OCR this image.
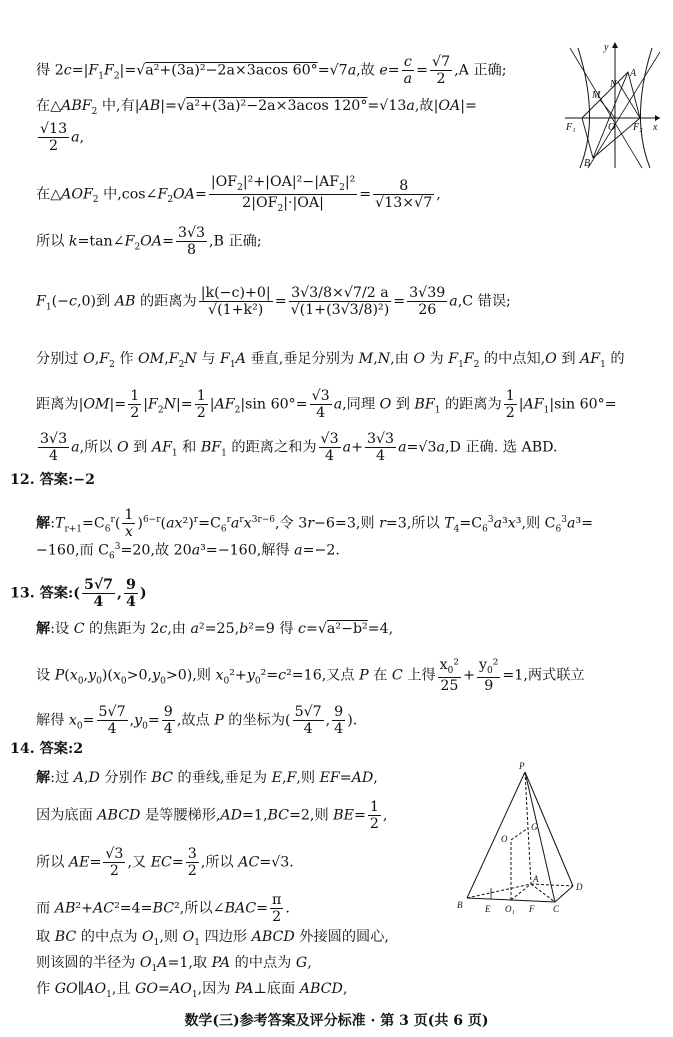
得 $2c=|F_1F_2|=√a^2+(3a)^2-2a\times 3acos$ 60°=√7a,故 $e= \frac{c}{a} = \frac{√7}{2} ,A$ 正确;
在$\triangle ABF_2$ 中,有|AB|=√a²+(3a)²−2a×3acos 120°=√13a,故|OA|=
$\frac{√13}{2} a$,
在$\triangle AOF_2$ 中$,\cos\angle F_2OA= \frac{|OF_2|^2+|OA|^2-|AF_2|^2}{2|OF_2|\cdot|OA|} = \frac{8}{√13\times√7}$ ,
所以 $k=\tan\angle F_2OA= \frac{3√3}{8} ,B$ 正确;
$F_1(-c,0)$到 AB 的距离为 $\frac{|k(-c)+0|}{\text{√(1+k²)}} = \frac{3√3/8\times√7/2 a}{\text{√(1+(3√3/8)²)}} = \frac{3√39}{26} a,C$ 错误;
分别过 $O,F_2$ 作 $OM,F_2N$ 与 $F_1A$ 垂直,垂足分别为 M,N,由 O 为 $F_1F_2$ 的中点知,O 到 $AF_1$ 的
距离为$|OM|= \frac{1}{2} |F_2N|= \frac{1}{2} |AF_2|\sin$ $60^\circ= \frac{√3}{4} a$,同理 O 到 $BF_1$ 的距离为 $\frac{1}{2} |AF_1|\sin$ 60°=
$\frac{3√3}{4} a$,所以 O 到 $AF_1$ 和 $BF_1$ 的距离之和为 $\frac{√3}{4} a+ \frac{3√3}{4} a=√3a,D$ 正确. 选 ABD.
12. 答案:−2
解$:T_{r+1}=C_6^r( \frac{1}{x} )^{6-r}(ax^2)^r=C_6^ra^rx^{3r-6}$,令 3r−6=3,则 r=3,所以 $T_4=C_6^3a^3x^3$,则 $C_6^3a^3=$
−160,而 $C_6^3=20$,故 20a³=−160,解得 a=−2.
13. 答案:( $\frac{5√7}{4}$ , $\frac{9}{4}$ )
解:设 C 的焦距为 2c,由 a²=25,b²=9 得 c=√a²−b²=4,
设 $P(x_0,y_0)(x_0>0,y_0>0)$,则 $x_0^2+y_0^2=c^2=16$,又点 P 在 C 上得 $\frac{x_0^2}{25} + \frac{y_0^2}{9} =1$,两式联立
解得 $x_0= \frac{5√7}{4} ,y_0= \frac{9}{4}$ ,故点 P 的坐标为( $\frac{5√7}{4}$ , $\frac{9}{4}$ ).
14. 答案:2
解:过 A,D 分别作 BC 的垂线,垂足为 E,F,则 EF=AD,
因为底面 ABCD 是等腰梯形,AD=1,BC=2,则 $BE= \frac{1}{2}$ ,
所以 $AE= \frac{√3}{2}$ ,又 $EC= \frac{3}{2}$ ,所以 AC=√3.
而 AB²+AC²=4=BC²,所以∠BAC= $\frac{\pi}{2}$ .
取 BC 的中点为 $O_1$,则 $O_1$ 四边形 ABCD 外接圆的圆心,
则该圆的半径为 $O_1A=1$,取 PA 的中点为 G,
作 $GO\parallel AO_1$,且 $GO=AO_1$,因为 PA⊥底面 ABCD,
y
x
N
A
M
F₁	O F₂
B
P
G
O
A
D
B	E O₁ F C
数学(三)参考答案及评分标准 · 第 3 页(共 6 页)
